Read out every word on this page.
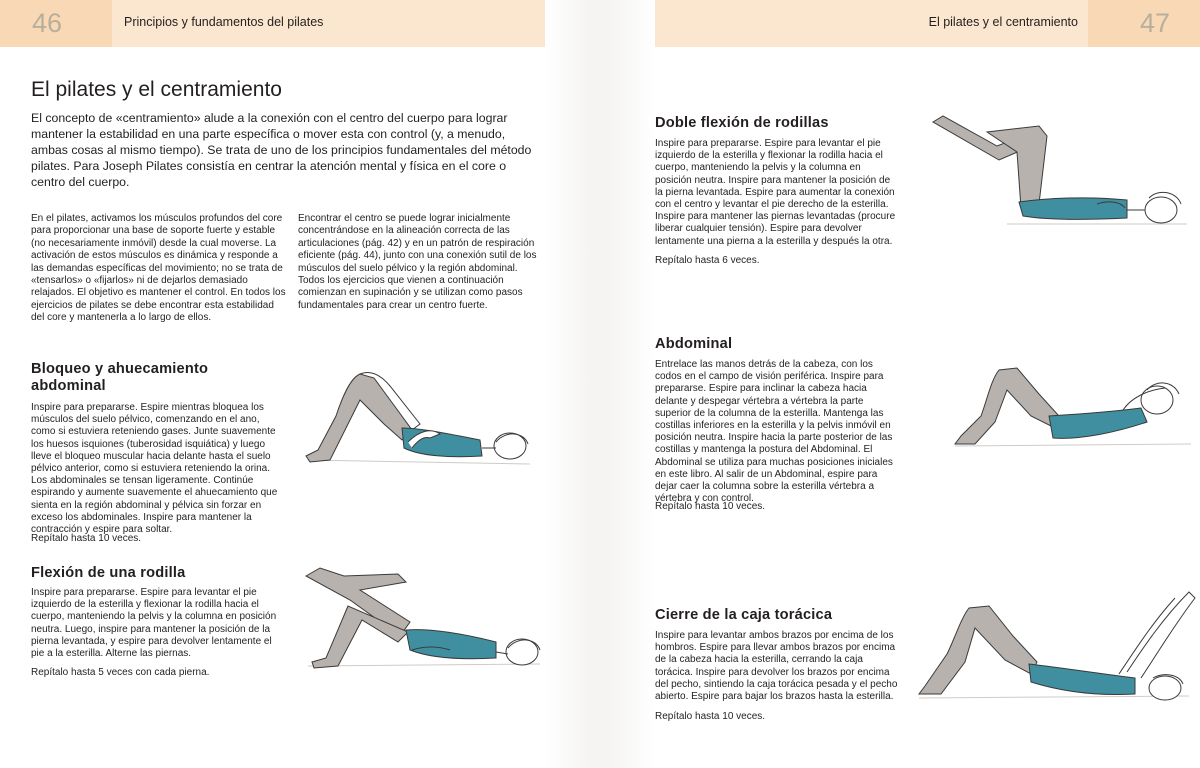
46	Principios y fundamentos del pilates
El pilates y el centramiento

El concepto de «centramiento» alude a la conexión con el centro del cuerpo para lograr mantener la estabilidad en una parte específica o mover esta con control (y, a menudo, ambas cosas al mismo tiempo). Se trata de uno de los principios fundamentales del método pilates. Para Joseph Pilates consistía en centrar la atención mental y física en el core o centro del cuerpo.

En el pilates, activamos los músculos profundos del core para proporcionar una base de soporte fuerte y estable (no necesariamente inmóvil) desde la cual moverse. La activación de estos músculos es dinámica y responde a las demandas específicas del movimiento; no se trata de «tensarlos» o «fijarlos» ni de dejarlos demasiado relajados. El objetivo es mantener el control. En todos los ejercicios de pilates se debe encontrar esta estabilidad del core y mantenerla a lo largo de ellos.

Encontrar el centro se puede lograr inicialmente concentrándose en la alineación correcta de las articulaciones (pág. 42) y en un patrón de respiración eficiente (pág. 44), junto con una conexión sutil de los músculos del suelo pélvico y la región abdominal. Todos los ejercicios que vienen a continuación comienzan en supinación y se utilizan como pasos fundamentales para crear un centro fuerte.

Bloqueo y ahuecamiento abdominal

Inspire para prepararse. Espire mientras bloquea los músculos del suelo pélvico, comenzando en el ano, como si estuviera reteniendo gases. Junte suavemente los huesos isquiones (tuberosidad isquiática) y luego lleve el bloqueo muscular hacia delante hasta el suelo pélvico anterior, como si estuviera reteniendo la orina. Los abdominales se tensan ligeramente. Continúe espirando y aumente suavemente el ahuecamiento que sienta en la región abdominal y pélvica sin forzar en exceso los abdominales. Inspire para mantener la contracción y espire para soltar.

Repítalo hasta 10 veces.

Flexión de una rodilla

Inspire para prepararse. Espire para levantar el pie izquierdo de la esterilla y flexionar la rodilla hacia el cuerpo, manteniendo la pelvis y la columna en posición neutra. Luego, inspire para mantener la posición de la pierna levantada, y espire para devolver lentamente el pie a la esterilla. Alterne las piernas.

Repítalo hasta 5 veces con cada pierna.

47
El pilates y el centramiento
Doble flexión de rodillas

Inspire para prepararse. Espire para levantar el pie izquierdo de la esterilla y flexionar la rodilla hacia el cuerpo, manteniendo la pelvis y la columna en posición neutra. Inspire para mantener la posición de la pierna levantada. Espire para aumentar la conexión con el centro y levantar el pie derecho de la esterilla. Inspire para mantener las piernas levantadas (procure liberar cualquier tensión). Espire para devolver lentamente una pierna a la esterilla y después la otra.

Repítalo hasta 6 veces.

Abdominal

Entrelace las manos detrás de la cabeza, con los codos en el campo de visión periférica. Inspire para prepararse. Espire para inclinar la cabeza hacia delante y despegar vértebra a vértebra la parte superior de la columna de la esterilla. Mantenga las costillas inferiores en la esterilla y la pelvis inmóvil en posición neutra. Inspire hacia la parte posterior de las costillas y mantenga la postura del Abdominal. El Abdominal se utiliza para muchas posiciones iniciales en este libro. Al salir de un Abdominal, espire para dejar caer la columna sobre la esterilla vértebra a vértebra y con control.

Repítalo hasta 10 veces.

Cierre de la caja torácica

Inspire para levantar ambos brazos por encima de los hombros. Espire para llevar ambos brazos por encima de la cabeza hacia la esterilla, cerrando la caja torácica. Inspire para devolver los brazos por encima del pecho, sintiendo la caja torácica pesada y el pecho abierto. Espire para bajar los brazos hasta la esterilla.

Repítalo hasta 10 veces.
